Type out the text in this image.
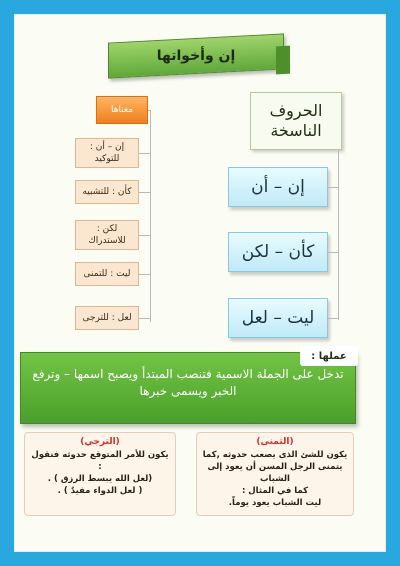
إن وأخواتها
معناها
إن – أن : للتوكيد
كأن : للتشبيه
لكن : للاستدراك
ليت : للتمنى
لعل : للترجى
الحروف الناسخة
إن – أن
كأن – لكن
ليت – لعل
عملها :
تدخل على الجملة الاسمية فتنصب المبتدأ ويصبح اسمها – وترفع الخبر ويسمى خبرها
(الترجي)
يكون للأمر المتوقع حدوثه فنقول :
(لعل الله يبسط الرزق ) .
( لعل الدواء مفيدٌ ) .
(التمنى)
يكون للشئ الذى يصعب حدوثه ,كما
يتمنى الرجل المسن أن يعود إلى الشباب
كما في المثال :
ليت الشباب يعود يوماً.
